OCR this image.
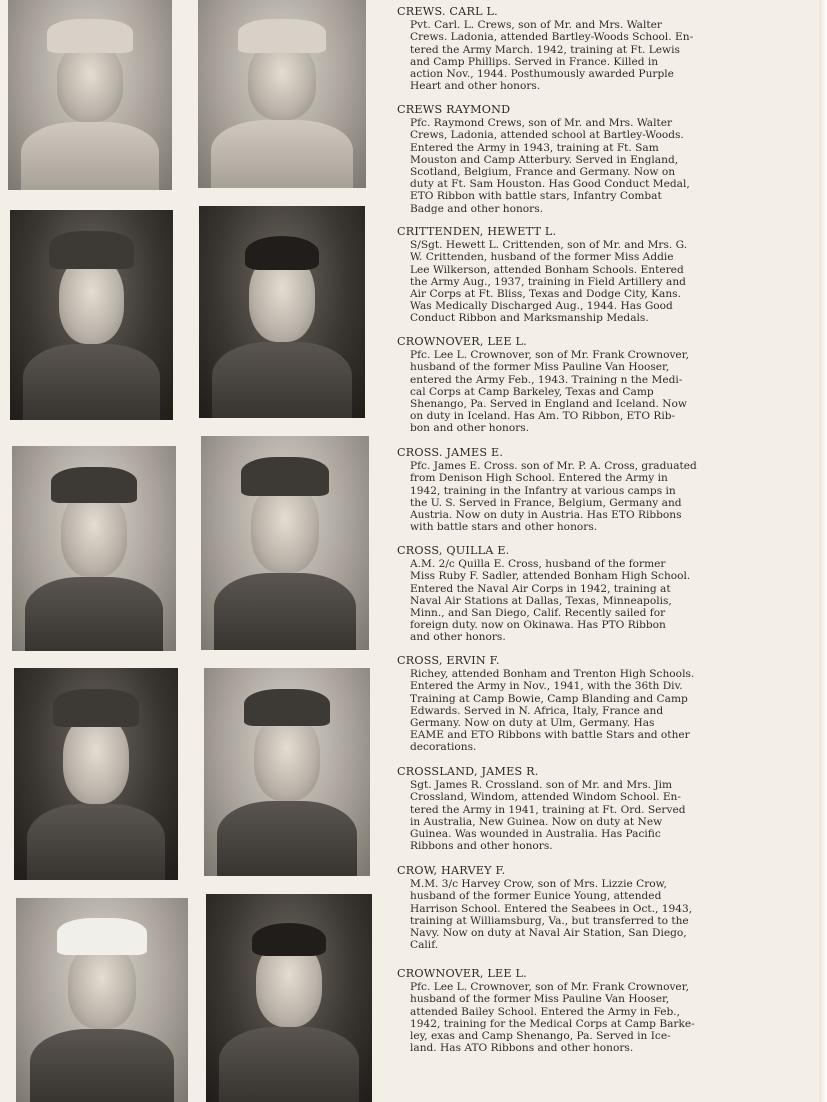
CREWS. CARL L.
Pvt. Carl. L. Crews, son of Mr. and Mrs. Walter
Crews. Ladonia, attended Bartley-Woods School. En-
tered the Army March. 1942, training at Ft. Lewis
and Camp Phillips. Served in France. Killed in
action Nov., 1944. Posthumously awarded Purple
Heart and other honors.
CREWS RAYMOND
Pfc. Raymond Crews, son of Mr. and Mrs. Walter
Crews, Ladonia, attended school at Bartley-Woods.
Entered the Army in 1943, training at Ft. Sam
Mouston and Camp Atterbury. Served in England,
Scotland, Belgium, France and Germany. Now on
duty at Ft. Sam Houston. Has Good Conduct Medal,
ETO Ribbon with battle stars, Infantry Combat
Badge and other honors.
CRITTENDEN, HEWETT L.
S/Sgt. Hewett L. Crittenden, son of Mr. and Mrs. G.
W. Crittenden, husband of the former Miss Addie
Lee Wilkerson, attended Bonham Schools. Entered
the Army Aug., 1937, training in Field Artillery and
Air Corps at Ft. Bliss, Texas and Dodge City, Kans.
Was Medically Discharged Aug., 1944. Has Good
Conduct Ribbon and Marksmanship Medals.
CROWNOVER, LEE L.
Pfc. Lee L. Crownover, son of Mr. Frank Crownover,
husband of the former Miss Pauline Van Hooser,
entered the Army Feb., 1943. Training n the Medi-
cal Corps at Camp Barkeley, Texas and Camp
Shenango, Pa. Served in England and Iceland. Now
on duty in Iceland. Has Am. TO Ribbon, ETO Rib-
bon and other honors.
CROSS. JAMES E.
Pfc. James E. Cross. son of Mr. P. A. Cross, graduated
from Denison High School. Entered the Army in
1942, training in the Infantry at various camps in
the U. S. Served in France, Belgium, Germany and
Austria. Now on duty in Austria. Has ETO Ribbons
with battle stars and other honors.
CROSS, QUILLA E.
A.M. 2/c Quilla E. Cross, husband of the former
Miss Ruby F. Sadler, attended Bonham High School.
Entered the Naval Air Corps in 1942, training at
Naval Air Stations at Dallas, Texas, Minneapolis,
Minn., and San Diego, Calif. Recently sailed for
foreign duty. now on Okinawa. Has PTO Ribbon
and other honors.
CROSS, ERVIN F.
Richey, attended Bonham and Trenton High Schools.
Entered the Army in Nov., 1941, with the 36th Div.
Training at Camp Bowie, Camp Blanding and Camp
Edwards. Served in N. Africa, Italy, France and
Germany. Now on duty at Ulm, Germany. Has
EAME and ETO Ribbons with battle Stars and other
decorations.
CROSSLAND, JAMES R.
Sgt. James R. Crossland. son of Mr. and Mrs. Jim
Crossland, Windom, attended Windom School. En-
tered the Army in 1941, training at Ft. Ord. Served
in Australia, New Guinea. Now on duty at New
Guinea. Was wounded in Australia. Has Pacific
Ribbons and other honors.
CROW, HARVEY F.
M.M. 3/c Harvey Crow, son of Mrs. Lizzie Crow,
husband of the former Eunice Young, attended
Harrison School. Entered the Seabees in Oct., 1943,
training at Williamsburg, Va., but transferred to the
Navy. Now on duty at Naval Air Station, San Diego,
Calif.
CROWNOVER, LEE L.
Pfc. Lee L. Crownover, son of Mr. Frank Crownover,
husband of the former Miss Pauline Van Hooser,
attended Bailey School. Entered the Army in Feb.,
1942, training for the Medical Corps at Camp Barke-
ley, exas and Camp Shenango, Pa. Served in Ice-
land. Has ATO Ribbons and other honors.
